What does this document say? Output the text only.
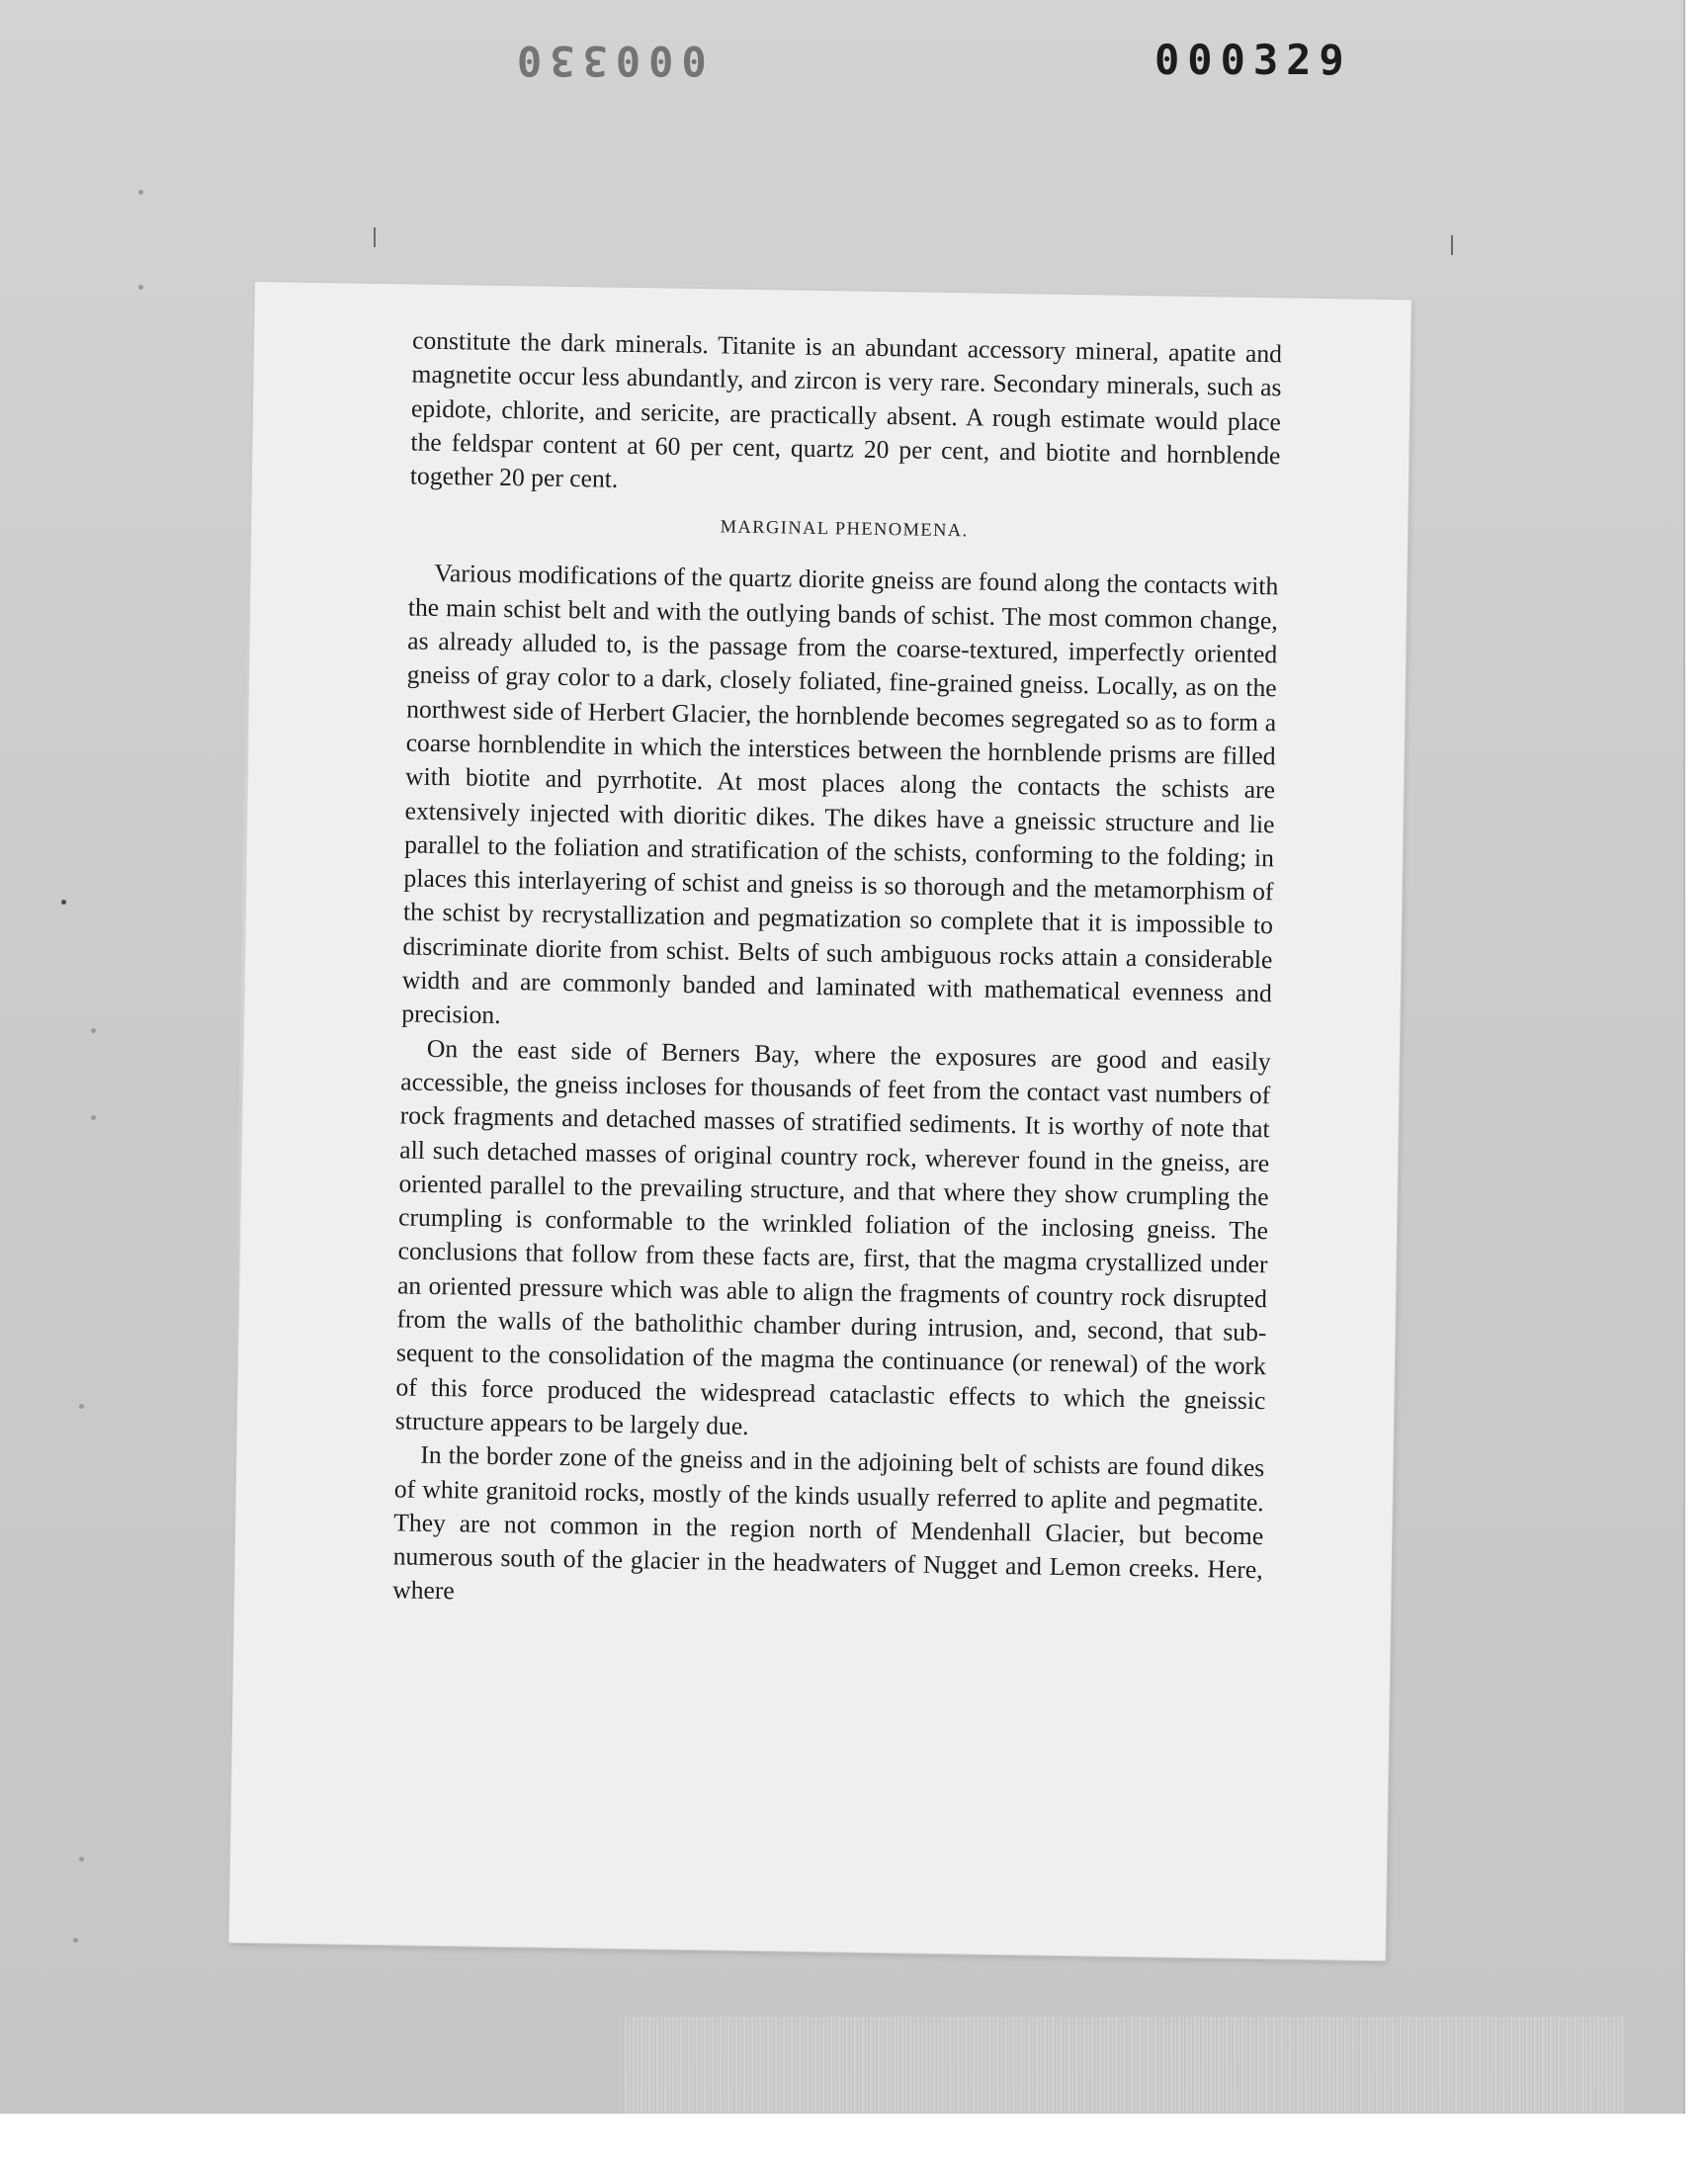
000330	000329

constitute the dark minerals. Titanite is an abundant accessory mineral, apatite and magnetite occur less abundantly, and zircon is very rare. Secondary minerals, such as epidote, chlorite, and sericite, are practically absent. A rough estimate would place the feldspar content at 60 per cent, quartz 20 per cent, and biotite and hornblende together 20 per cent.

MARGINAL PHENOMENA.

Various modifications of the quartz diorite gneiss are found along the contacts with the main schist belt and with the outlying bands of schist. The most common change, as already alluded to, is the passage from the coarse-textured, imperfectly oriented gneiss of gray color to a dark, closely foliated, fine-grained gneiss. Locally, as on the northwest side of Herbert Glacier, the hornblende becomes segregated so as to form a coarse hornblendite in which the interstices between the hornblende prisms are filled with biotite and pyrrhotite. At most places along the contacts the schists are extensively injected with dioritic dikes. The dikes have a gneissic structure and lie parallel to the foliation and stratification of the schists, conforming to the folding; in places this interlayering of schist and gneiss is so thorough and the metamorphism of the schist by recrystallization and pegmatization so complete that it is impossible to discriminate diorite from schist. Belts of such ambiguous rocks attain a considerable width and are commonly banded and laminated with mathematical evenness and precision.

On the east side of Berners Bay, where the exposures are good and easily accessible, the gneiss incloses for thousands of feet from the contact vast numbers of rock fragments and detached masses of stratified sediments. It is worthy of note that all such detached masses of original country rock, wherever found in the gneiss, are oriented parallel to the prevailing structure, and that where they show crumpling the crumpling is conformable to the wrinkled foliation of the inclosing gneiss. The conclusions that follow from these facts are, first, that the magma crystallized under an oriented pressure which was able to align the fragments of country rock disrupted from the walls of the batholithic chamber during intrusion, and, second, that subsequent to the consolidation of the magma the continuance (or renewal) of the work of this force produced the widespread cataclastic effects to which the gneissic structure appears to be largely due.

In the border zone of the gneiss and in the adjoining belt of schists are found dikes of white granitoid rocks, mostly of the kinds usually referred to aplite and pegmatite. They are not common in the region north of Mendenhall Glacier, but become numerous south of the glacier in the headwaters of Nugget and Lemon creeks. Here, where
